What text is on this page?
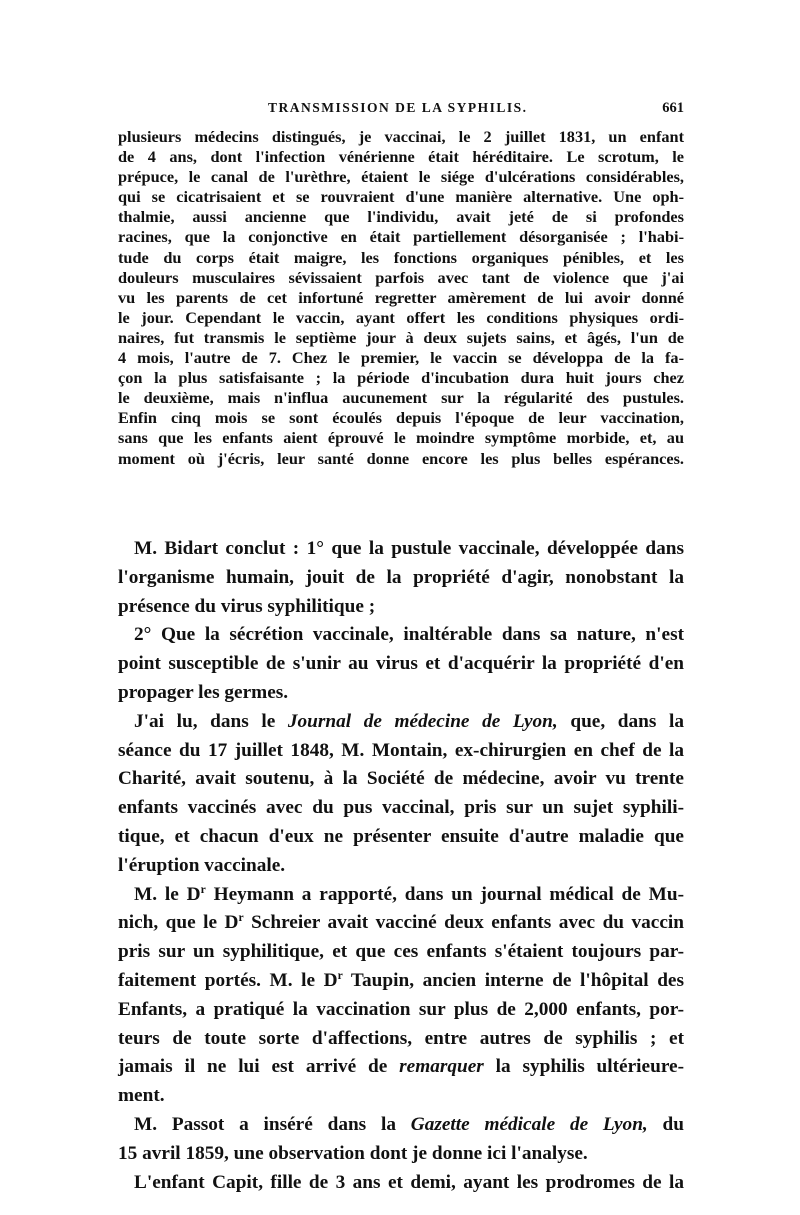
TRANSMISSION DE LA SYPHILIS.	661
plusieurs médecins distingués, je vaccinai, le 2 juillet 1831, un enfant
de 4 ans, dont l'infection vénérienne était héréditaire. Le scrotum, le
prépuce, le canal de l'urèthre, étaient le siége d'ulcérations considérables,
qui se cicatrisaient et se rouvraient d'une manière alternative. Une oph-
thalmie, aussi ancienne que l'individu, avait jeté de si profondes
racines, que la conjonctive en était partiellement désorganisée ; l'habi-
tude du corps était maigre, les fonctions organiques pénibles, et les
douleurs musculaires sévissaient parfois avec tant de violence que j'ai
vu les parents de cet infortuné regretter amèrement de lui avoir donné
le jour. Cependant le vaccin, ayant offert les conditions physiques ordi-
naires, fut transmis le septième jour à deux sujets sains, et âgés, l'un de
4 mois, l'autre de 7. Chez le premier, le vaccin se développa de la fa-
çon la plus satisfaisante ; la période d'incubation dura huit jours chez
le deuxième, mais n'influa aucunement sur la régularité des pustules.
Enfin cinq mois se sont écoulés depuis l'époque de leur vaccination,
sans que les enfants aient éprouvé le moindre symptôme morbide, et, au
moment où j'écris, leur santé donne encore les plus belles espérances.
M. Bidart conclut : 1° que la pustule vaccinale, développée dans
l'organisme humain, jouit de la propriété d'agir, nonobstant la
présence du virus syphilitique ;
2° Que la sécrétion vaccinale, inaltérable dans sa nature, n'est
point susceptible de s'unir au virus et d'acquérir la propriété d'en
propager les germes.
J'ai lu, dans le Journal de médecine de Lyon, que, dans la
séance du 17 juillet 1848, M. Montain, ex-chirurgien en chef de la
Charité, avait soutenu, à la Société de médecine, avoir vu trente
enfants vaccinés avec du pus vaccinal, pris sur un sujet syphili-
tique, et chacun d'eux ne présenter ensuite d'autre maladie que
l'éruption vaccinale.
M. le $D^r$ Heymann a rapporté, dans un journal médical de Mu-
nich, que le $D^r$ Schreier avait vacciné deux enfants avec du vaccin
pris sur un syphilitique, et que ces enfants s'étaient toujours par-
faitement portés. M. le $D^r$ Taupin, ancien interne de l'hôpital des
Enfants, a pratiqué la vaccination sur plus de 2,000 enfants, por-
teurs de toute sorte d'affections, entre autres de syphilis ; et
jamais il ne lui est arrivé de remarquer la syphilis ultérieure-
ment.
M. Passot a inséré dans la Gazette médicale de Lyon, du
15 avril 1859, une observation dont je donne ici l'analyse.
L'enfant Capit, fille de 3 ans et demi, ayant les prodromes de la
